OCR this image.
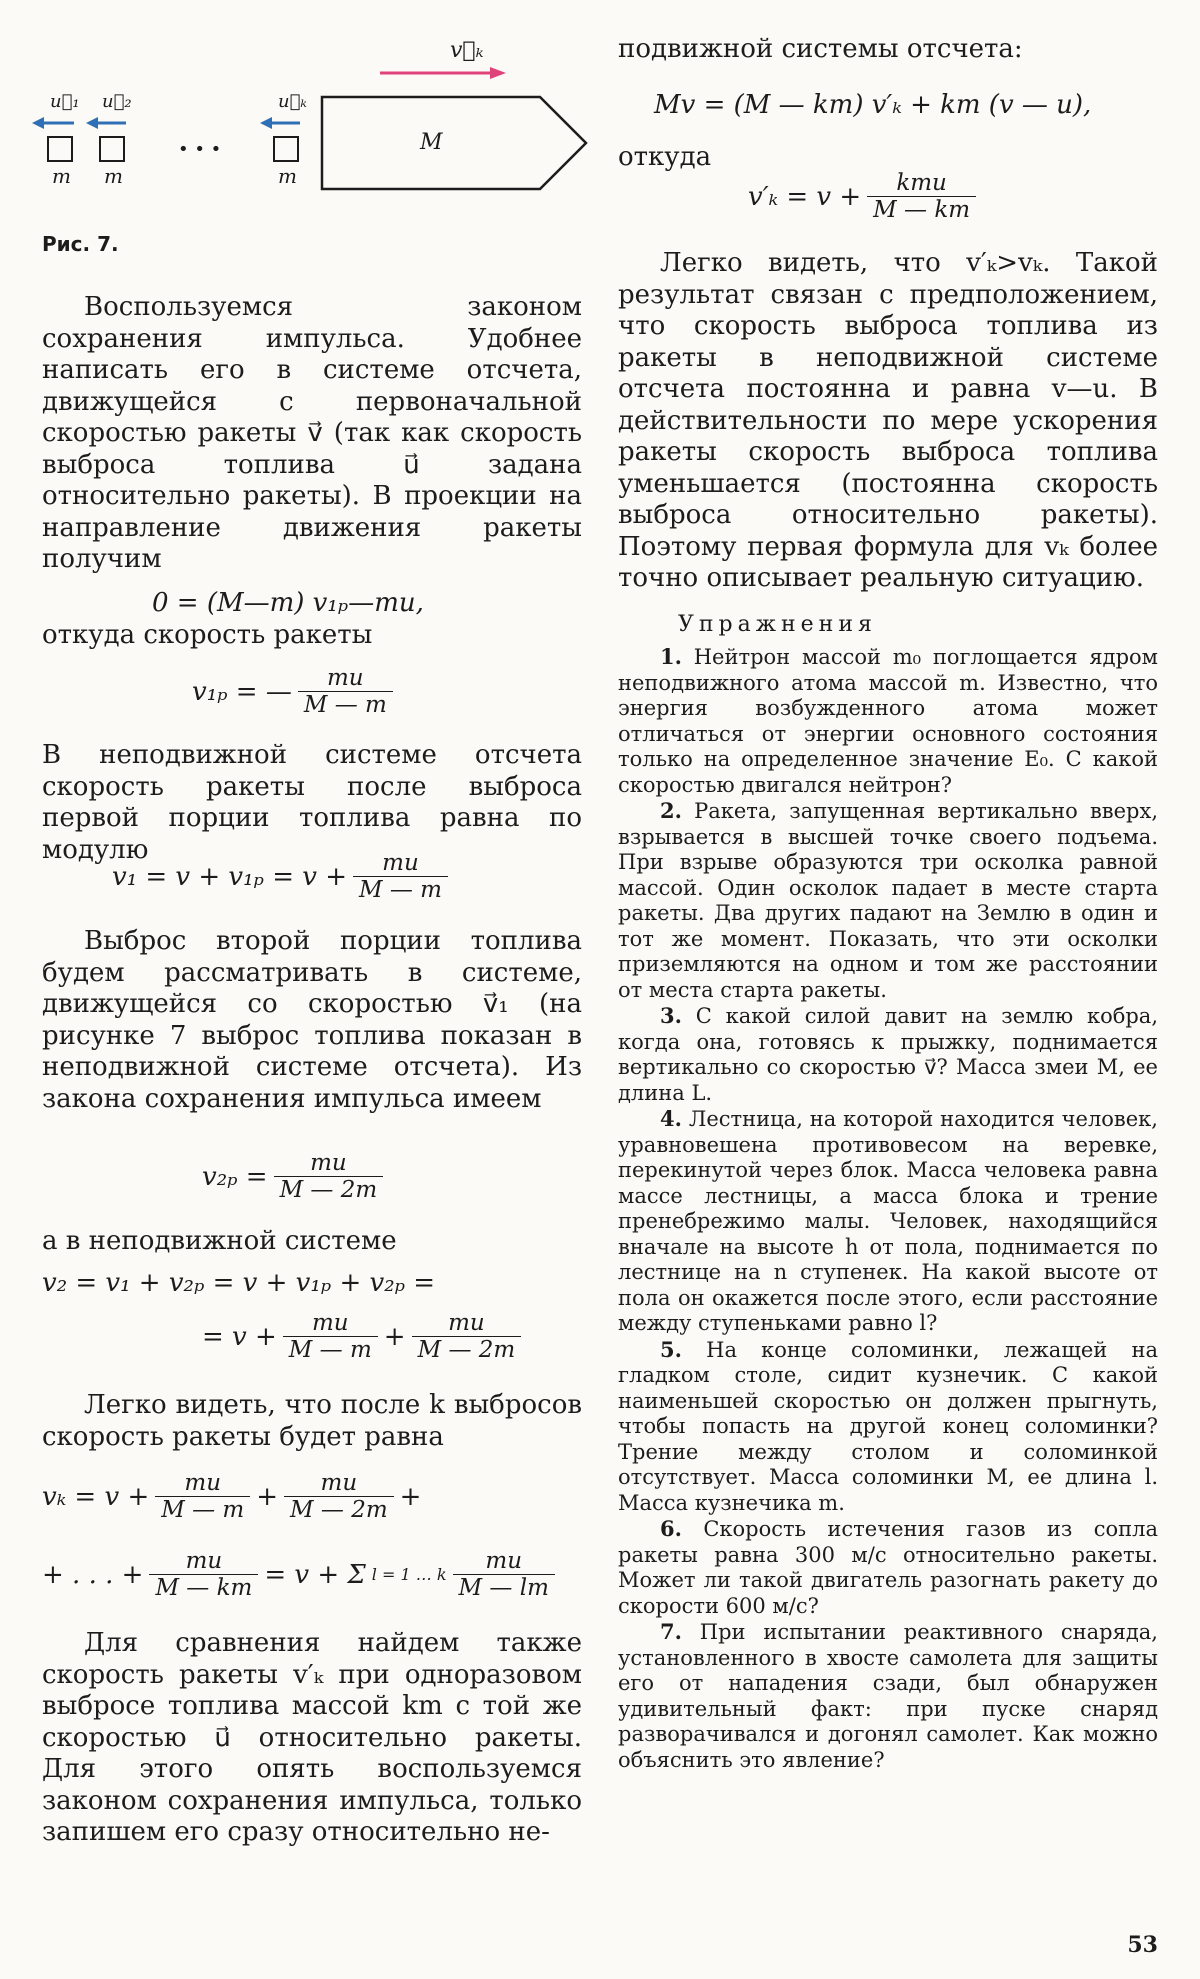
v⃗ₖ
M
m m	m
• • •
u⃗₁ u⃗₂	u⃗ₖ
Рис. 7.

Воспользуемся законом сохранения импульса. Удобнее написать его в системе отсчета, движущейся с первоначальной скоростью ракеты v⃗ (так как скорость выброса топлива u⃗ задана относительно ракеты). В проекции на направление движения ракеты получим

0 = (M—m) v₁ₚ—mu,

откуда скорость ракеты

v₁ₚ = — $\frac{mu}{M — m}$

В неподвижной системе отсчета скорость ракеты после выброса первой порции топлива равна по модулю

$v_1 = v + v_{1p} = v + \frac{mu}{M — m}$

Выброс второй порции топлива будем рассматривать в системе, движущейся со скоростью v⃗₁ (на рисунке 7 выброс топлива показан в неподвижной системе отсчета). Из закона сохранения импульса имеем

$v_{2p} = \frac{mu}{M — 2m}$

а в неподвижной системе

v₂ = v₁ + v₂ₚ = v + v₁ₚ + v₂ₚ =

= $v + \frac{mu}{M — m} + \frac{mu}{M — 2m}$

Легко видеть, что после k выбросов скорость ракеты будет равна

$v_k = v + \frac{mu}{M — m} + \frac{mu}{M — 2m}$ +
+ . . . + $\frac{mu}{M — km} = v + \Sigma$ l = 1 … k $\frac{mu}{M — lm}$

Для сравнения найдем также скорость ракеты v′ₖ при одноразовом выбросе топлива массой km с той же скоростью u⃗ относительно ракеты. Для этого опять воспользуемся законом сохранения импульса, только запишем его сразу относительно не-

подвижной системы отсчета:

Mv = (M — km) v′ₖ + km (v — u),

откуда

$v'_k = v + \frac{\text{kmu}}{M — km}$

Легко видеть, что v′ₖ>vₖ. Такой результат связан с предположением, что скорость выброса топлива из ракеты в неподвижной системе отсчета постоянна и равна v—u. В действительности по мере ускорения ракеты скорость выброса топлива уменьшается (постоянна скорость выброса относительно ракеты). Поэтому первая формула для vₖ более точно описывает реальную ситуацию.

Упражнения

1. Нейтрон массой m₀ поглощается ядром неподвижного атома массой m. Известно, что энергия возбужденного атома может отличаться от энергии основного состояния только на определенное значение E₀. С какой скоростью двигался нейтрон?

2. Ракета, запущенная вертикально вверх, взрывается в высшей точке своего подъема. При взрыве образуются три осколка равной массой. Один осколок падает в месте старта ракеты. Два других падают на Землю в один и тот же момент. Показать, что эти осколки приземляются на одном и том же расстоянии от места старта ракеты.

3. С какой силой давит на землю кобра, когда она, готовясь к прыжку, поднимается вертикально со скоростью v⃗? Масса змеи M, ее длина L.

4. Лестница, на которой находится человек, уравновешена противовесом на веревке, перекинутой через блок. Масса человека равна массе лестницы, а масса блока и трение пренебрежимо малы. Человек, находящийся вначале на высоте h от пола, поднимается по лестнице на n ступенек. На какой высоте от пола он окажется после этого, если расстояние между ступеньками равно l?

5. На конце соломинки, лежащей на гладком столе, сидит кузнечик. С какой наименьшей скоростью он должен прыгнуть, чтобы попасть на другой конец соломинки? Трение между столом и соломинкой отсутствует. Масса соломинки M, ее длина l. Масса кузнечика m.

6. Скорость истечения газов из сопла ракеты равна 300 м/с относительно ракеты. Может ли такой двигатель разогнать ракету до скорости 600 м/с?

7. При испытании реактивного снаряда, установленного в хвосте самолета для защиты его от нападения сзади, был обнаружен удивительный факт: при пуске снаряд разворачивался и догонял самолет. Как можно объяснить это явление?

53
